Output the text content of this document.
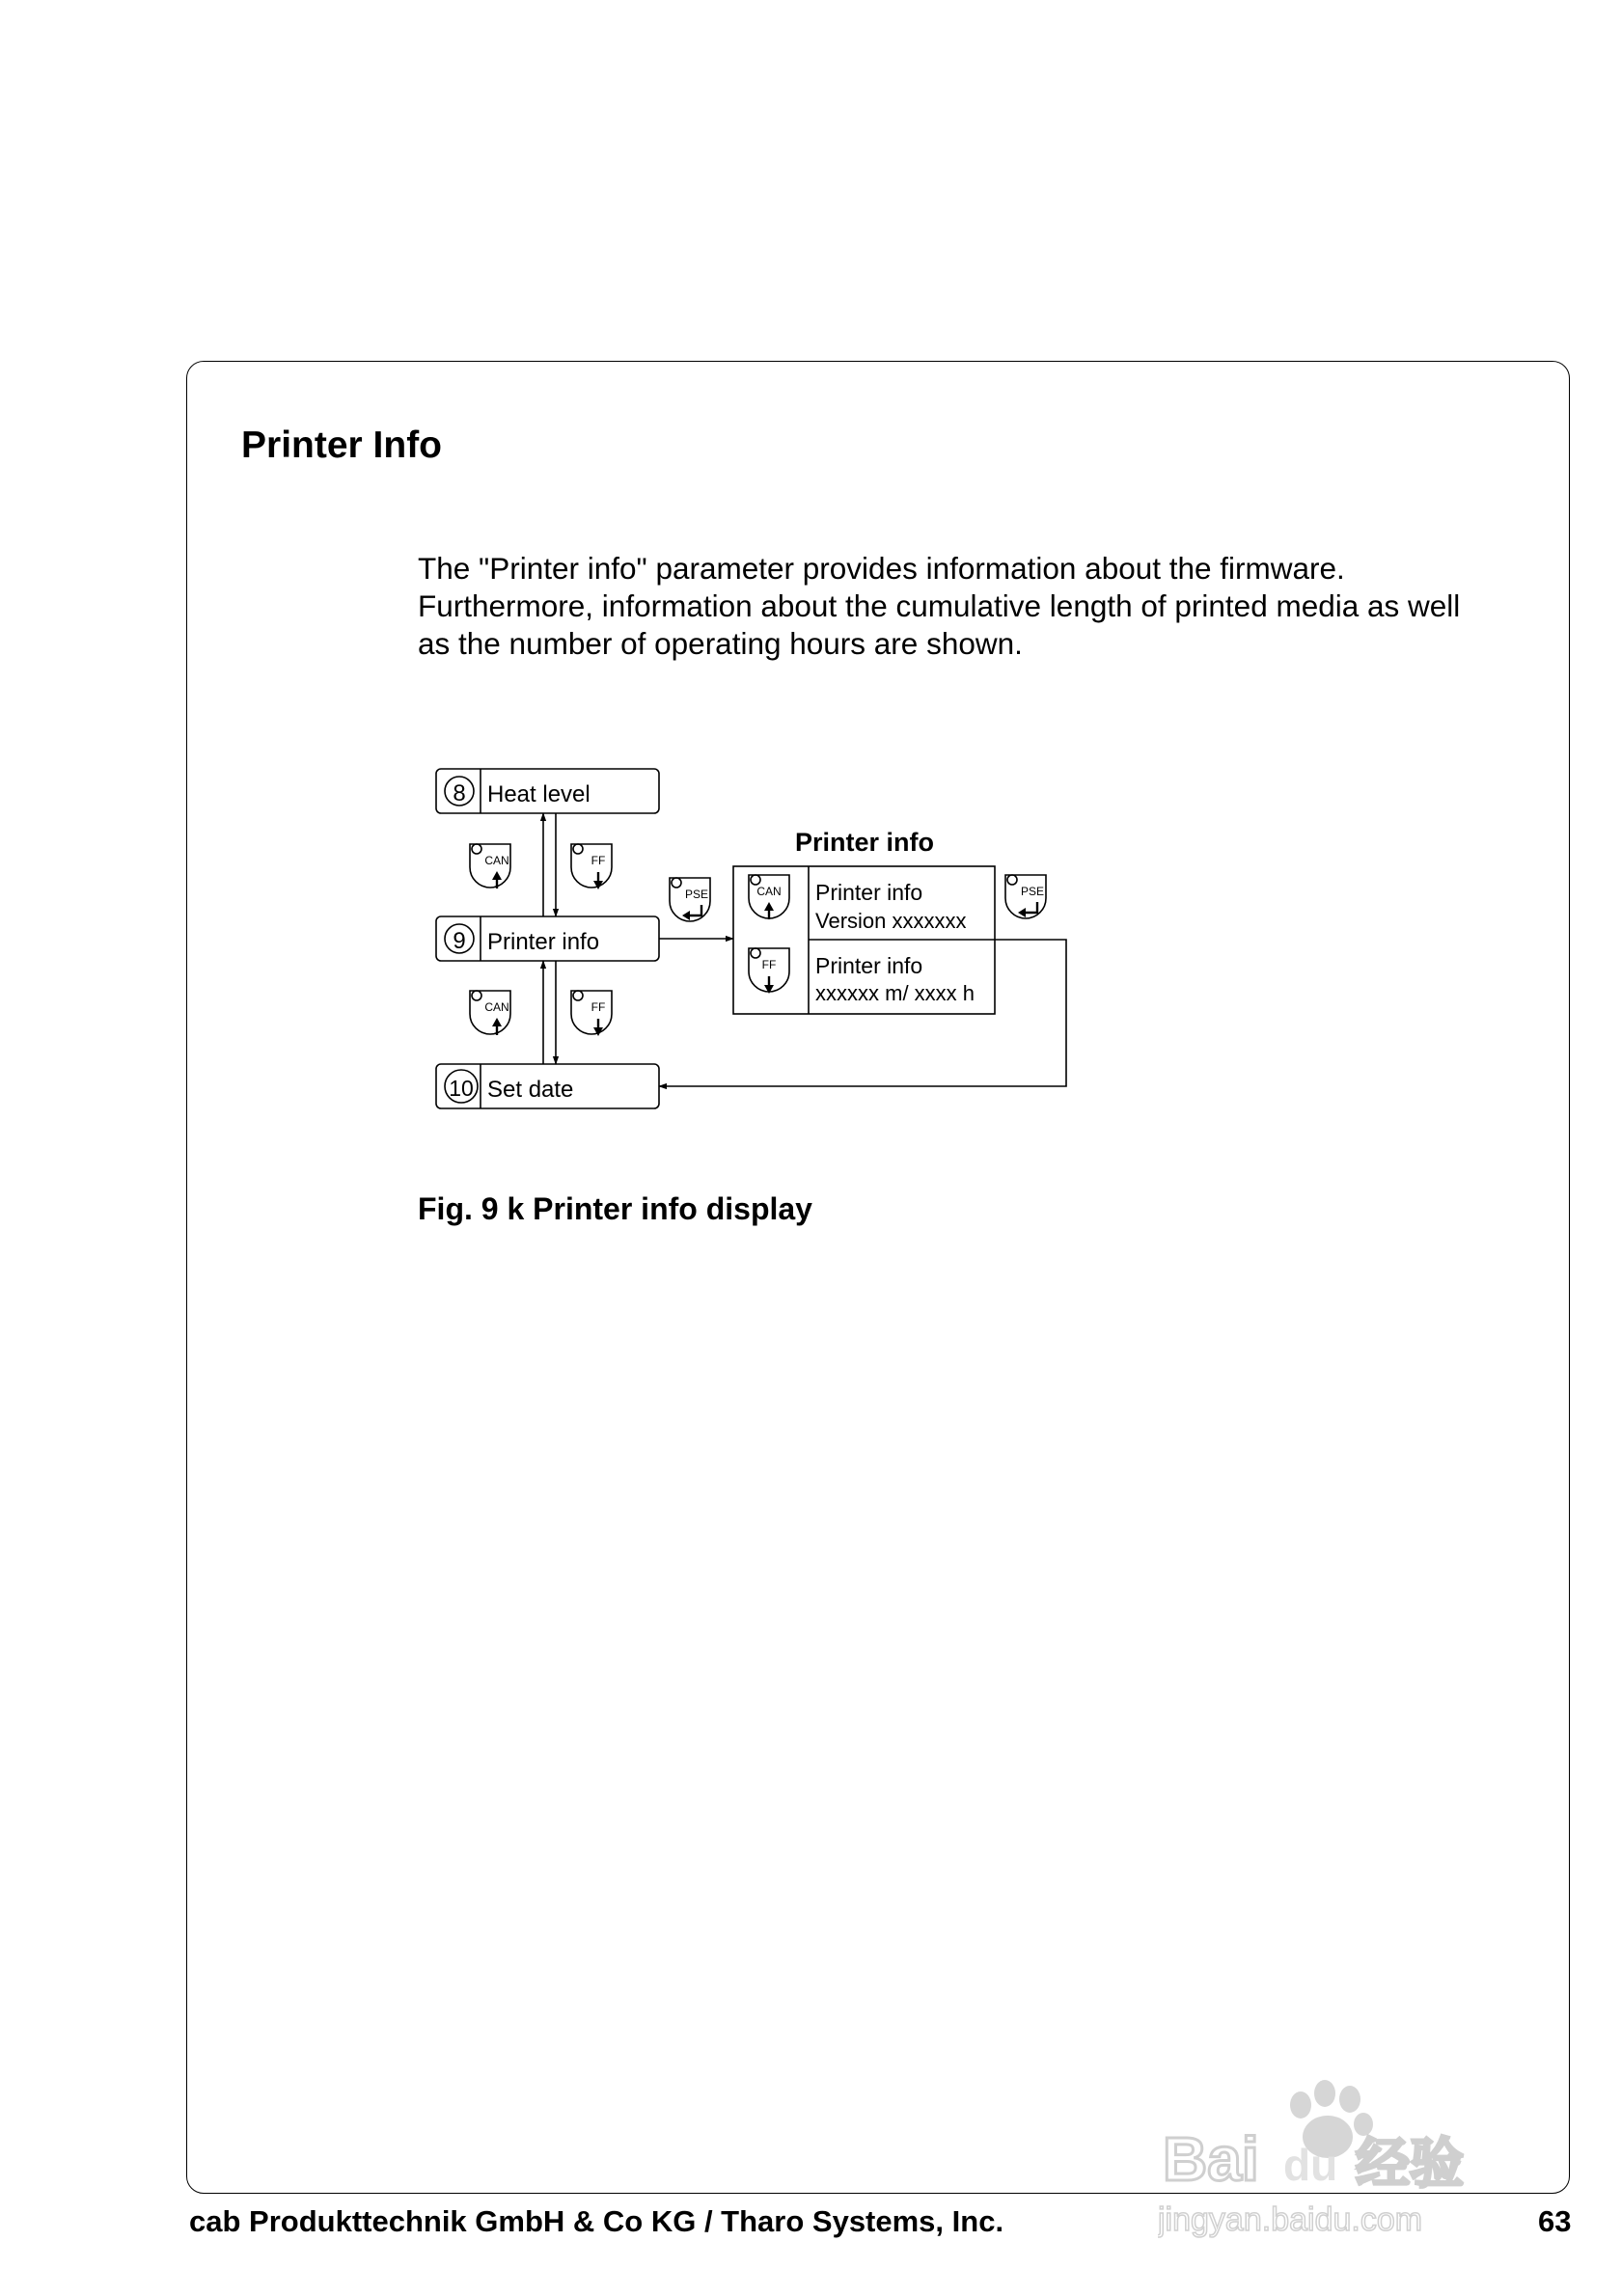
Printer Info

The "Printer info" parameter provides information about the firmware.

Furthermore, information about the cumulative length of printed media as well

as the number of operating hours are shown.

CAN	FF
CAN	FF
PSE	CAN
FF
PSE
8 Heat level
9 Printer info
10 Set date
Printer info
Printer info
Version xxxxxxx
Printer info
xxxxxx m/ xxxx h
Fig. 9 k Printer info display
cab Produkttechnik GmbH & Co KG / Tharo Systems, Inc.	63
Bai du 经验
jingyan.baidu.com
